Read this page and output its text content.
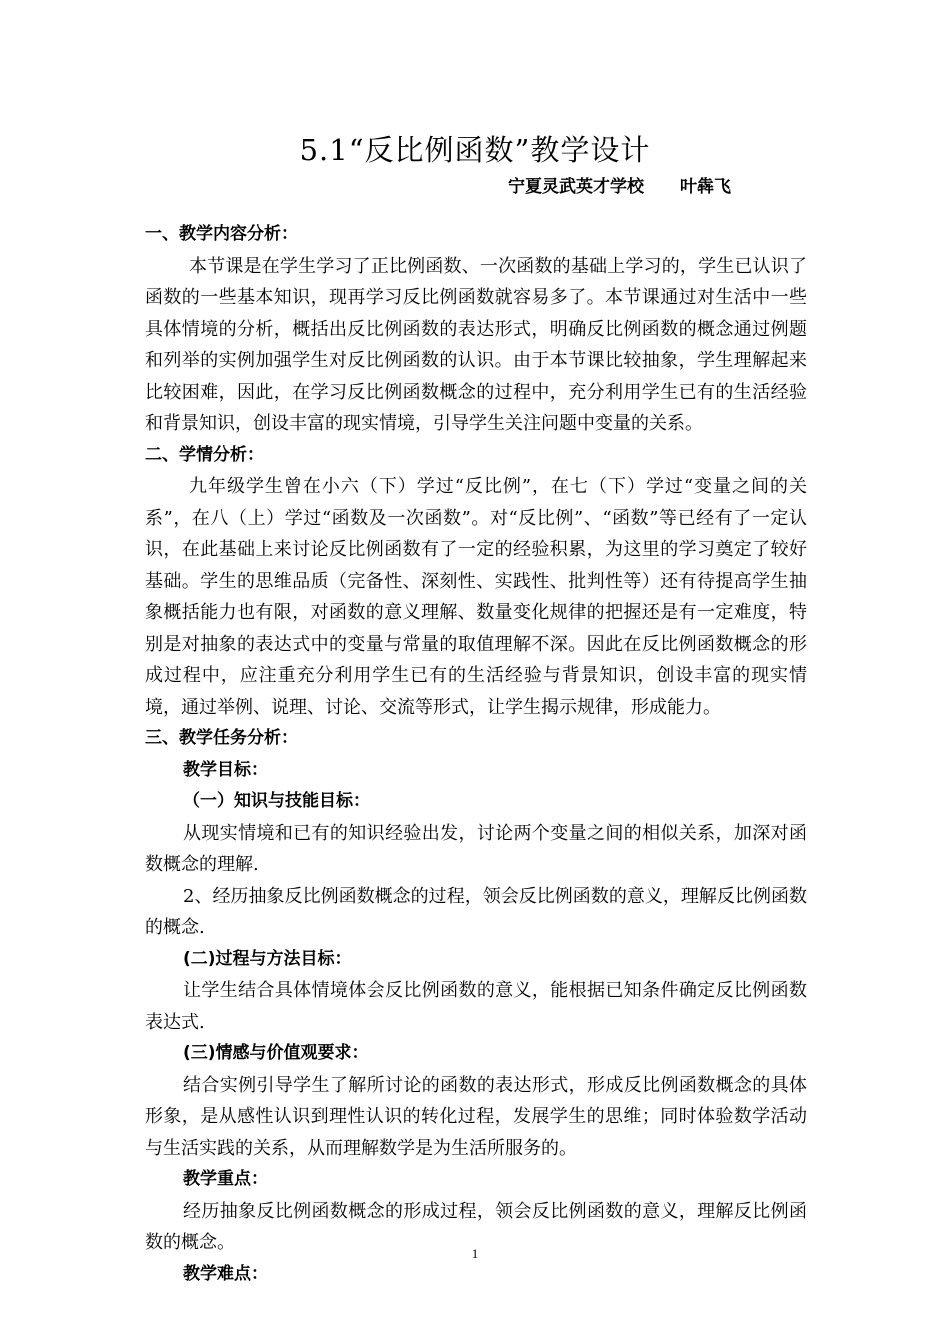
5.1“反比例函数”教学设计
宁夏灵武英才学校 叶犇飞

一、教学内容分析：

本节课是在学生学习了正比例函数、一次函数的基础上学习的，学生已认识了函数的一些基本知识，现再学习反比例函数就容易多了。本节课通过对生活中一些具体情境的分析，概括出反比例函数的表达形式，明确反比例函数的概念通过例题和列举的实例加强学生对反比例函数的认识。由于本节课比较抽象，学生理解起来比较困难，因此，在学习反比例函数概念的过程中，充分利用学生已有的生活经验和背景知识，创设丰富的现实情境，引导学生关注问题中变量的关系。

二、学情分析：

九年级学生曾在小六（下）学过“反比例”，在七（下）学过“变量之间的关系”，在八（上）学过“函数及一次函数”。对“反比例”、“函数”等已经有了一定认识，在此基础上来讨论反比例函数有了一定的经验积累，为这里的学习奠定了较好基础。学生的思维品质（完备性、深刻性、实践性、批判性等）还有待提高学生抽象概括能力也有限，对函数的意义理解、数量变化规律的把握还是有一定难度，特别是对抽象的表达式中的变量与常量的取值理解不深。因此在反比例函数概念的形成过程中，应注重充分利用学生已有的生活经验与背景知识，创设丰富的现实情境，通过举例、说理、讨论、交流等形式，让学生揭示规律，形成能力。

三、教学任务分析：

教学目标：

（一）知识与技能目标：

从现实情境和已有的知识经验出发，讨论两个变量之间的相似关系，加深对函数概念的理解.

2、经历抽象反比例函数概念的过程，领会反比例函数的意义，理解反比例函数的概念.

(二)过程与方法目标：

让学生结合具体情境体会反比例函数的意义，能根据已知条件确定反比例函数表达式.

(三)情感与价值观要求：

结合实例引导学生了解所讨论的函数的表达形式，形成反比例函数概念的具体形象，是从感性认识到理性认识的转化过程，发展学生的思维；同时体验数学活动与生活实践的关系，从而理解数学是为生活所服务的。

教学重点：

经历抽象反比例函数概念的形成过程，领会反比例函数的意义，理解反比例函数的概念。

教学难点：

1
